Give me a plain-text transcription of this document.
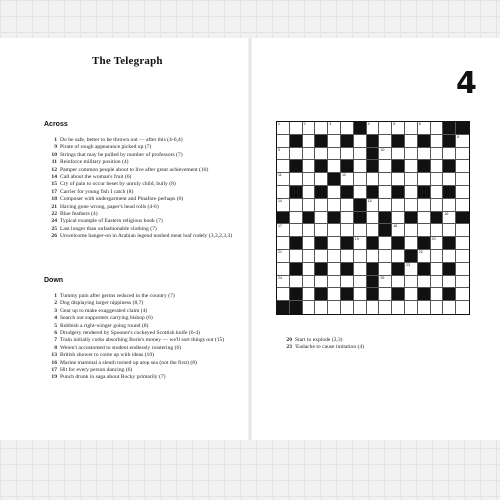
The Telegraph
4
Across
1 Do be safe, better to be thrown out — after this (4-6,4)
9 Pirate of rough appearance picked up (7)
10 Strings that may be pulled by number of professors (7)
11 Reinforce military position (4)
12 Pamper common people about to live after great achievement (10)
14 Call about the woman's fruit (6)
15 Cry of pain to occur beset by unruly child, bully (8)
17 Carrier for young fish I catch (8)
18 Composer with undergarment and Pinafore perhaps (6)
21 Having gone wrong, paper's head rolls (4-6)
22 Blue feathers (4)
24 Typical example of Eastern religious book (7)
25 Last longer than unfashionable clothing (7)
26 Unwelcome hanger-on in Arabian legend noshed meat loaf rudely (3,3,2,3,3)
Down
1 Tummy pain after germs reduced in the country (7)
2 Dog displaying larger nippiness (8,7)
3 Gear up to make exaggerated claim (4)
4 Search out supporters carrying bishop (6)
5 Rubbish a right-winger going round (8)
6 Drudgery rendered by Spooner's cockeyed Scottish knife (6-4)
7 Train initially corks absorbing Boris's money — we'll sort things out (15)
8 Weren't accustomed to student endlessly roistering (6)
13 British shower to come up with ideas (10)
16 Marine mammal a sleuth turned up atop sea (not the first) (8)
17 Hit for every person dancing (6)
19 Punch drunk in saga about Rocky primarily (7)
1	2	3	4	5	6
8
9	10
11	12
14	15
16
17	18
19	20
21	22
23
24	25
20 Start to explode (3,3)
23 'Eadache to cause imitation (4)
